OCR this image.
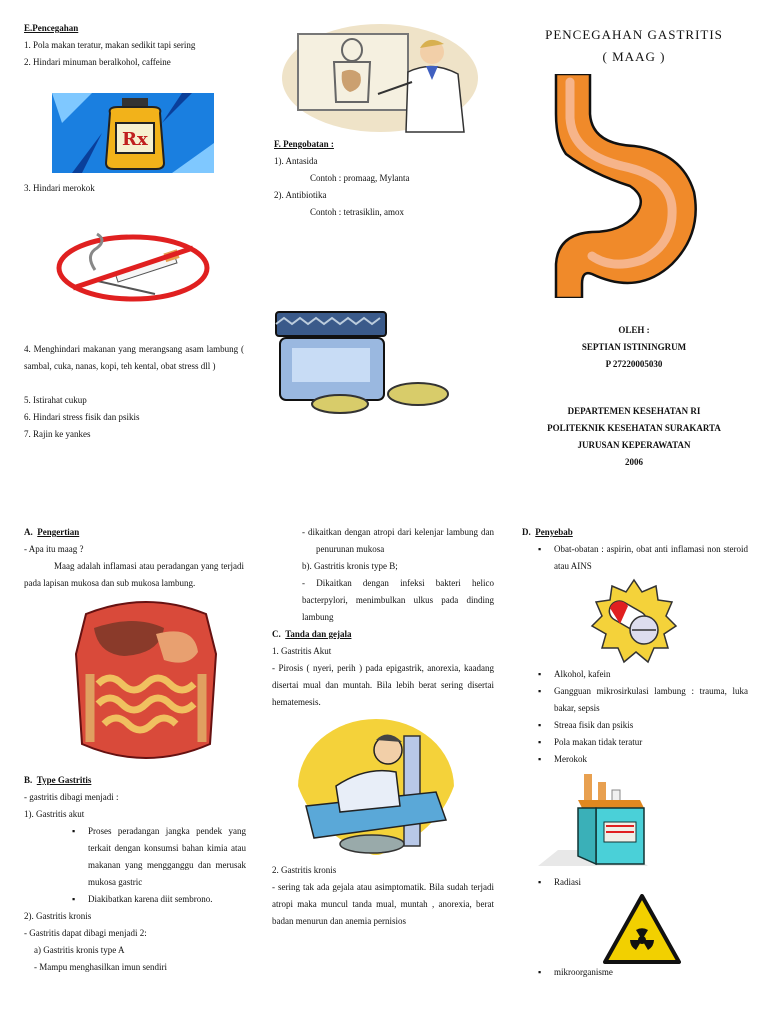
E.Pencegahan
1. Pola makan teratur, makan sedikit tapi sering
2. Hindari minuman beralkohol, caffeine
Rx
3. Hindari merokok
4. Menghindari makanan yang merangsang asam lambung ( sambal, cuka, nanas, kopi, teh kental, obat stress dll )
5. Istirahat cukup
6. Hindari stress fisik dan psikis
7. Rajin ke yankes
F. Pengobatan :
1). Antasida
Contoh : promaag, Mylanta
2). Antibiotika
Contoh : tetrasiklin, amox
PENCEGAHAN GASTRITIS
( MAAG )
OLEH :
SEPTIAN ISTININGRUM
P 27220005030
DEPARTEMEN KESEHATAN RI
POLITEKNIK KESEHATAN SURAKARTA
JURUSAN KEPERAWATAN
2006
A. Pengertian
- Apa itu maag ?
Maag adalah inflamasi atau peradangan yang terjadi pada lapisan mukosa dan sub mukosa lambung.
B. Type Gastritis
- gastritis dibagi menjadi :
1). Gastritis akut
▪ Proses peradangan jangka pendek yang terkait dengan konsumsi bahan kimia atau makanan yang mengganggu dan merusak mukosa gastric
▪ Diakibatkan karena diit sembrono.
2). Gastritis kronis
- Gastritis dapat dibagi menjadi 2:
a) Gastritis kronis type A
- Mampu menghasilkan imun sendiri
- dikaitkan dengan atropi dari kelenjar lambung dan penurunan mukosa
b). Gastritis kronis type B;
- Dikaitkan dengan infeksi bakteri helico bacterpylori, menimbulkan ulkus pada dinding lambung
C. Tanda dan gejala
1. Gastritis Akut
- Pirosis ( nyeri, perih ) pada epigastrik, anorexia, kaadang disertai mual dan muntah. Bila lebih berat sering disertai hematemesis.
2. Gastritis kronis
- sering tak ada gejala atau asimptomatik. Bila sudah terjadi atropi maka muncul tanda mual, muntah , anorexia, berat badan menurun dan anemia pernisios
D. Penyebab
▪ Obat-obatan : aspirin, obat anti inflamasi non steroid atau AINS
▪ Alkohol, kafein
▪ Gangguan mikrosirkulasi lambung : trauma, luka bakar, sepsis
▪ Streaa fisik dan psikis
▪ Pola makan tidak teratur
▪ Merokok
▪ Radiasi
▪ mikroorganisme
